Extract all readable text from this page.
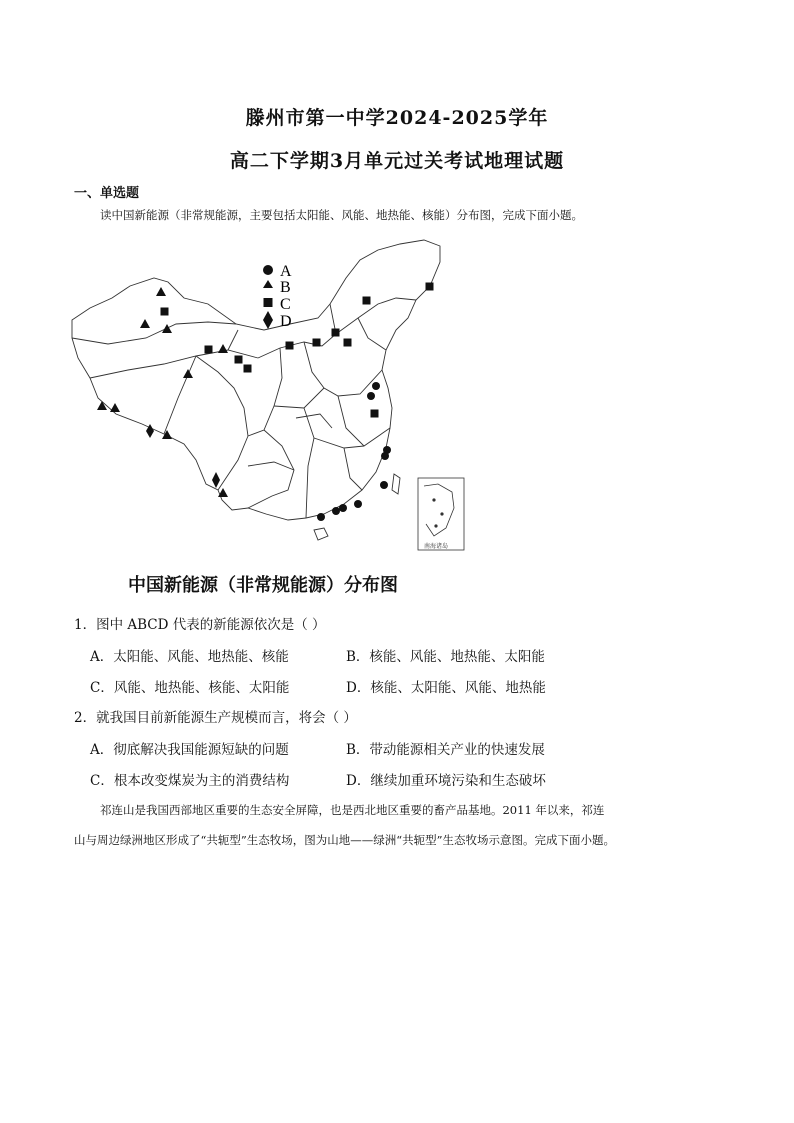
滕州市第一中学2024-2025学年
高二下学期3月单元过关考试地理试题
一、单选题
读中国新能源（非常规能源，主要包括太阳能、风能、地热能、核能）分布图，完成下面小题。
南海诸岛
A
B
C
D
中国新能源（非常规能源）分布图
1．图中 ABCD 代表的新能源依次是（ ）
A．太阳能、风能、地热能、核能	B．核能、风能、地热能、太阳能
C．风能、地热能、核能、太阳能	D．核能、太阳能、风能、地热能
2．就我国目前新能源生产规模而言，将会（ ）
A．彻底解决我国能源短缺的问题	B．带动能源相关产业的快速发展
C．根本改变煤炭为主的消费结构	D．继续加重环境污染和生态破坏
祁连山是我国西部地区重要的生态安全屏障，也是西北地区重要的畜产品基地。2011 年以来，祁连
山与周边绿洲地区形成了“共轭型”生态牧场，图为山地——绿洲“共轭型”生态牧场示意图。完成下面小题。
